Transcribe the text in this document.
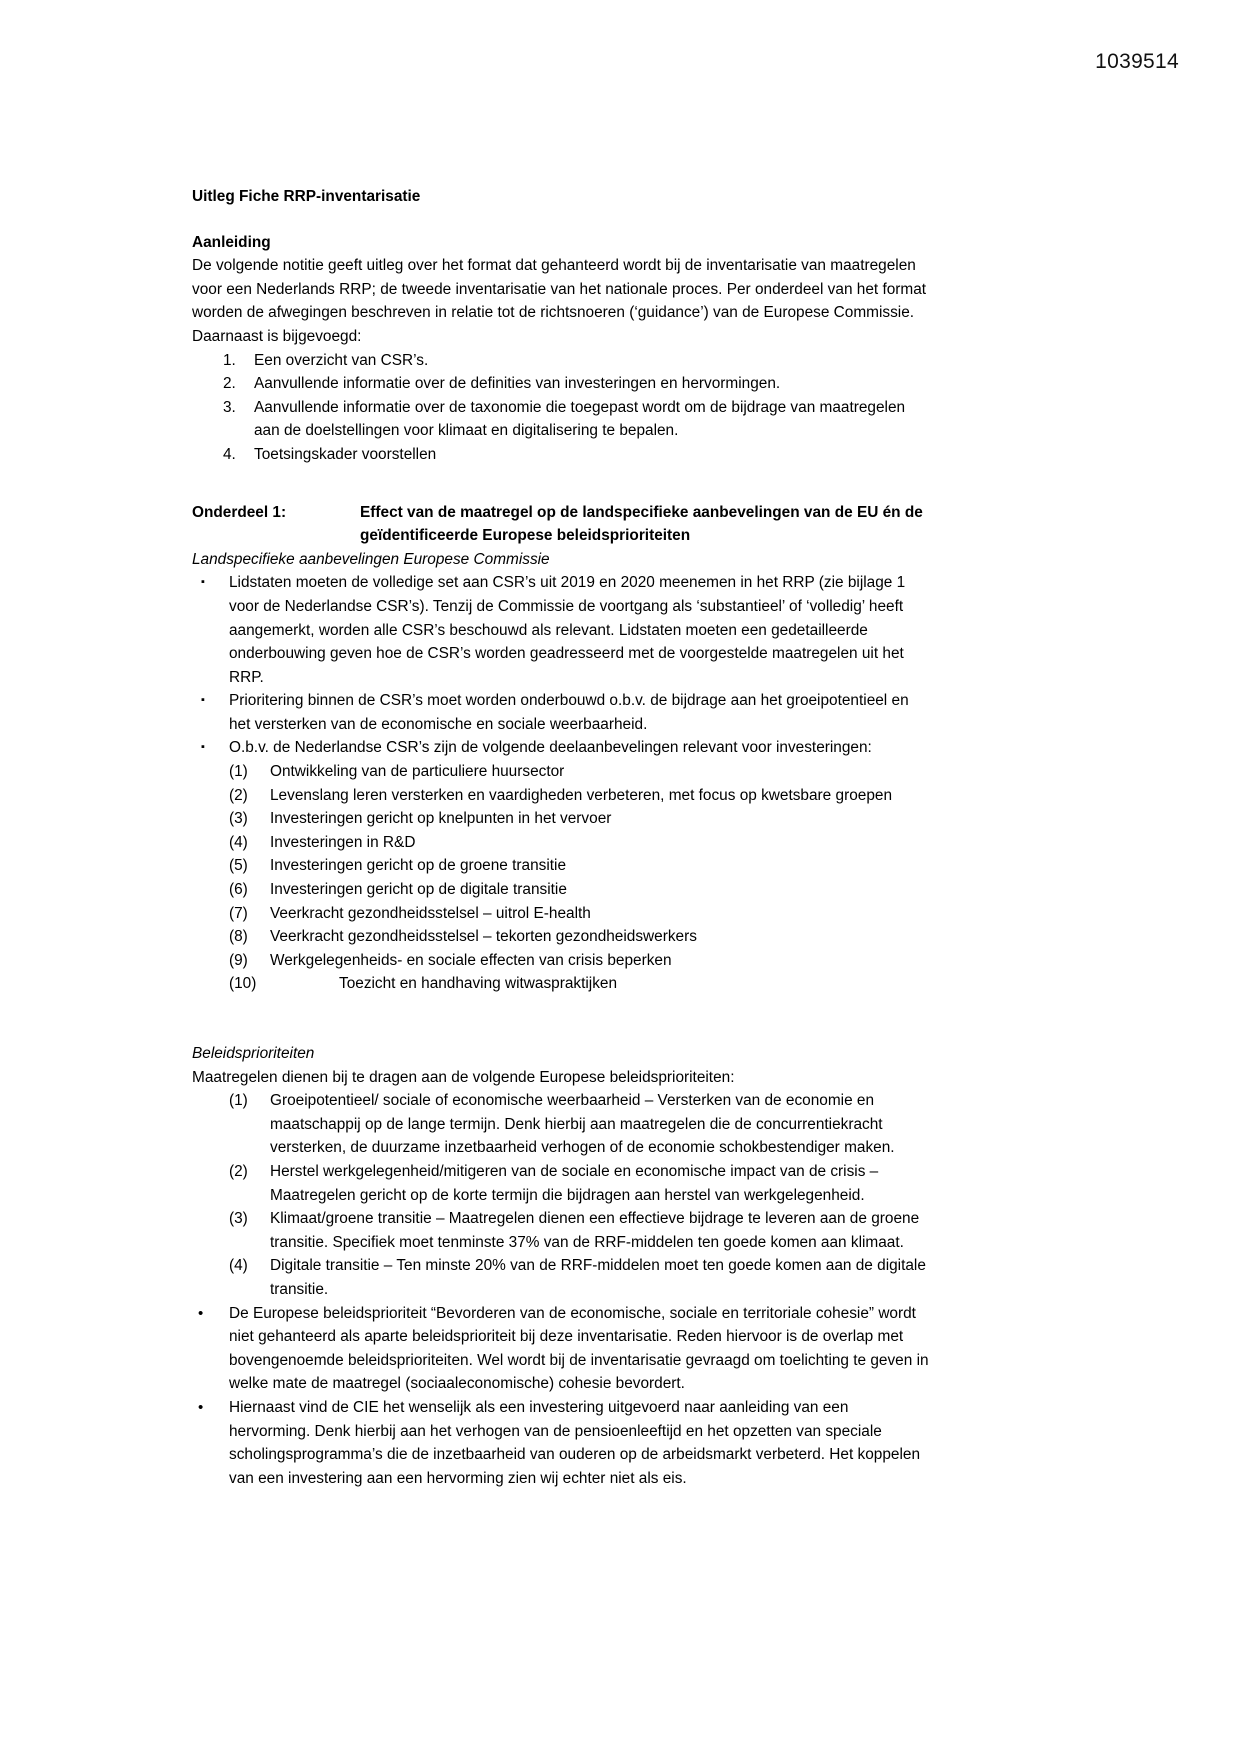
1039514
Uitleg Fiche RRP-inventarisatie
Aanleiding

De volgende notitie geeft uitleg over het format dat gehanteerd wordt bij de inventarisatie van maatregelen voor een Nederlands RRP; de tweede inventarisatie van het nationale proces. Per onderdeel van het format worden de afwegingen beschreven in relatie tot de richtsnoeren (‘guidance’) van de Europese Commissie. Daarnaast is bijgevoegd:

1.	Een overzicht van CSR’s.
2.	Aanvullende informatie over de definities van investeringen en hervormingen.
3.	Aanvullende informatie over de taxonomie die toegepast wordt om de bijdrage van maatregelen aan de doelstellingen voor klimaat en digitalisering te bepalen.
4.	Toetsingskader voorstellen
Onderdeel 1:	Effect van de maatregel op de landspecifieke aanbevelingen van de EU én de geïdentificeerde Europese beleidsprioriteiten
Landspecifieke aanbevelingen Europese Commissie
▪ Lidstaten moeten de volledige set aan CSR’s uit 2019 en 2020 meenemen in het RRP (zie bijlage 1 voor de Nederlandse CSR’s). Tenzij de Commissie de voortgang als ‘substantieel’ of ‘volledig’ heeft aangemerkt, worden alle CSR’s beschouwd als relevant. Lidstaten moeten een gedetailleerde onderbouwing geven hoe de CSR’s worden geadresseerd met de voorgestelde maatregelen uit het RRP.
▪ Prioritering binnen de CSR’s moet worden onderbouwd o.b.v. de bijdrage aan het groeipotentieel en het versterken van de economische en sociale weerbaarheid.
▪ O.b.v. de Nederlandse CSR’s zijn de volgende deelaanbevelingen relevant voor investeringen:
(1)	Ontwikkeling van de particuliere huursector
(2)	Levenslang leren versterken en vaardigheden verbeteren, met focus op kwetsbare groepen
(3)	Investeringen gericht op knelpunten in het vervoer
(4)	Investeringen in R&D
(5)	Investeringen gericht op de groene transitie
(6)	Investeringen gericht op de digitale transitie
(7)	Veerkracht gezondheidsstelsel – uitrol E-health
(8)	Veerkracht gezondheidsstelsel – tekorten gezondheidswerkers
(9)	Werkgelegenheids- en sociale effecten van crisis beperken
(10)	Toezicht en handhaving witwaspraktijken
Beleidsprioriteiten

Maatregelen dienen bij te dragen aan de volgende Europese beleidsprioriteiten:

(1)	Groeipotentieel/ sociale of economische weerbaarheid – Versterken van de economie en maatschappij op de lange termijn. Denk hierbij aan maatregelen die de concurrentiekracht versterken, de duurzame inzetbaarheid verhogen of de economie schokbestendiger maken.
(2)	Herstel werkgelegenheid/mitigeren van de sociale en economische impact van de crisis – Maatregelen gericht op de korte termijn die bijdragen aan herstel van werkgelegenheid.
(3)	Klimaat/groene transitie – Maatregelen dienen een effectieve bijdrage te leveren aan de groene transitie. Specifiek moet tenminste 37% van de RRF-middelen ten goede komen aan klimaat.
(4)	Digitale transitie – Ten minste 20% van de RRF-middelen moet ten goede komen aan de digitale transitie.
• De Europese beleidsprioriteit “Bevorderen van de economische, sociale en territoriale cohesie” wordt niet gehanteerd als aparte beleidsprioriteit bij deze inventarisatie. Reden hiervoor is de overlap met bovengenoemde beleidsprioriteiten. Wel wordt bij de inventarisatie gevraagd om toelichting te geven in welke mate de maatregel (sociaaleconomische) cohesie bevordert.
• Hiernaast vind de CIE het wenselijk als een investering uitgevoerd naar aanleiding van een hervorming. Denk hierbij aan het verhogen van de pensioenleeftijd en het opzetten van speciale scholingsprogramma’s die de inzetbaarheid van ouderen op de arbeidsmarkt verbeterd. Het koppelen van een investering aan een hervorming zien wij echter niet als eis.
